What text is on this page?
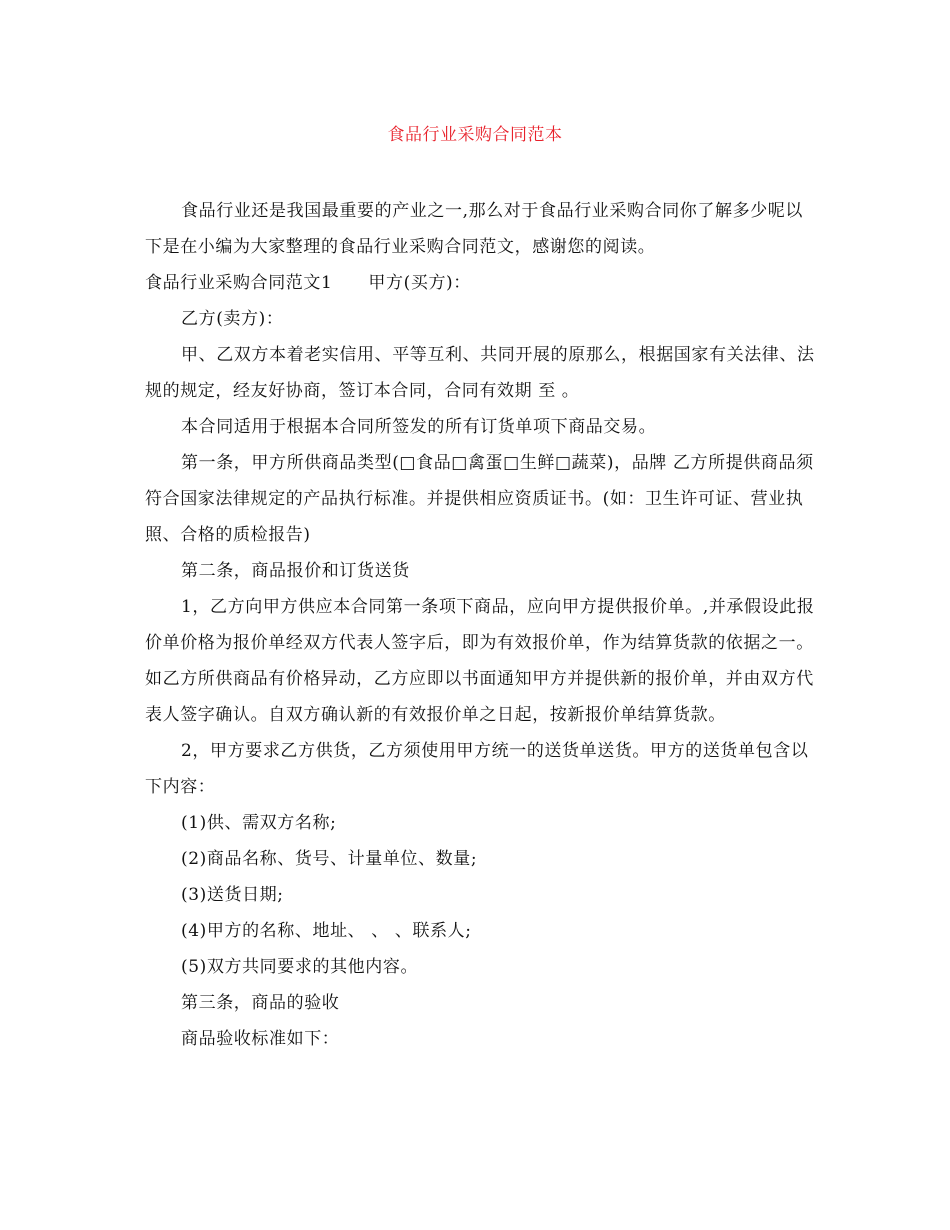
食品行业采购合同范本

食品行业还是我国最重要的产业之一,那么对于食品行业采购合同你了解多少呢以下是在小编为大家整理的食品行业采购合同范文，感谢您的阅读。

食品行业采购合同范文1 甲方(买方)：

乙方(卖方)：

甲、乙双方本着老实信用、平等互利、共同开展的原那么，根据国家有关法律、法规的规定，经友好协商，签订本合同，合同有效期 至 。

本合同适用于根据本合同所签发的所有订货单项下商品交易。

第一条，甲方所供商品类型(□食品□禽蛋□生鲜□蔬菜)，品牌 乙方所提供商品须符合国家法律规定的产品执行标准。并提供相应资质证书。(如：卫生许可证、营业执照、合格的质检报告)

第二条，商品报价和订货送货

1，乙方向甲方供应本合同第一条项下商品，应向甲方提供报价单。,并承假设此报价单价格为报价单经双方代表人签字后，即为有效报价单，作为结算货款的依据之一。如乙方所供商品有价格异动，乙方应即以书面通知甲方并提供新的报价单，并由双方代表人签字确认。自双方确认新的有效报价单之日起，按新报价单结算货款。

2，甲方要求乙方供货，乙方须使用甲方统一的送货单送货。甲方的送货单包含以下内容：

(1)供、需双方名称;

(2)商品名称、货号、计量单位、数量;

(3)送货日期;

(4)甲方的名称、地址、 、 、联系人;

(5)双方共同要求的其他内容。

第三条，商品的验收

商品验收标准如下：
